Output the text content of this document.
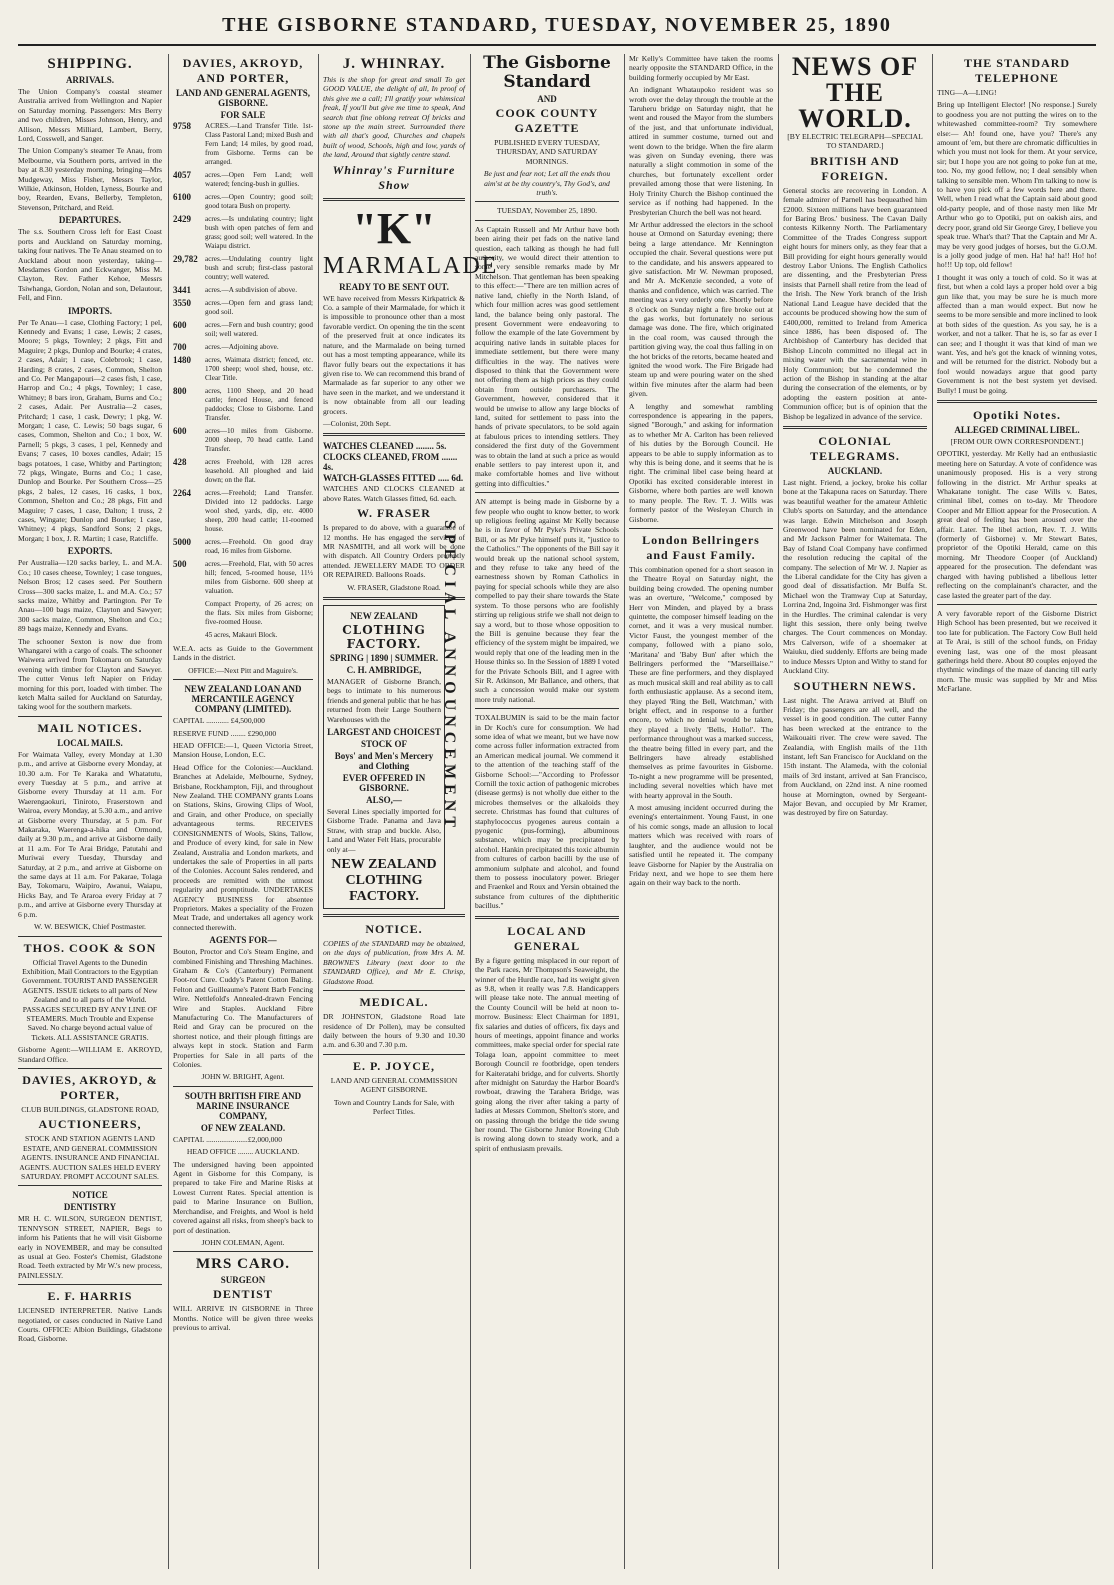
THE GISBORNE STANDARD, TUESDAY, NOVEMBER 25, 1890
SHIPPING.
ARRIVALS.

The Union Company's coastal steamer Australia arrived from Wellington and Napier on Saturday morning. Passengers: Mrs Berry and two children, Misses Johnson, Henry, and Allison, Messrs Milliard, Lambert, Berry, Lord, Cosswell, and Sanger.

The Union Company's steamer Te Anau, from Melbourne, via Southern ports, arrived in the bay at 8.30 yesterday morning, bringing—Mrs Mudgeway, Miss Fisher, Messrs Taylor, Wilkie, Atkinson, Holden, Lyness, Bourke and boy, Rearden, Evans, Bellerby, Templeton, Stevenson, Pritchard, and Reid.

DEPARTURES.

The s.s. Southern Cross left for East Coast ports and Auckland on Saturday morning, taking four natives. The Te Anau steamed on to Auckland about noon yesterday, taking—Mesdames Gordon and Eckwanger, Miss M. Clayton, Rev. Father Kehoe, Messrs Tsiwhanga, Gordon, Nolan and son, Delautour, Fell, and Finn.

IMPORTS.

Per Te Anau—1 case, Clothing Factory; 1 pel, Kennedy and Evans; 1 case, Lewis; 2 cases, Moore; 5 pkgs, Townley; 2 pkgs, Fitt and Maguire; 2 pkgs, Dunlop and Bourke; 4 crates, 2 cases, Adair; 1 case, Colebrook; 1 case, Harding; 8 crates, 2 cases, Common, Shelton and Co. Per Mangapouri—2 cases fish, 1 case, Harrop and Co.; 4 pkgs, Townley; 1 case, Whitney; 8 bars iron, Graham, Burns and Co.; 2 cases, Adair. Per Australia—2 cases, Pritchard; 1 case, 1 cask, Dewry; 1 pkg, W. Morgan; 1 case, C. Lewis; 50 bags sugar, 6 cases, Common, Shelton and Co.; 1 box, W. Parnell; 5 pkgs, 3 cases, 1 pel, Kennedy and Evans; 7 cases, 10 boxes candles, Adair; 15 bags potatoes, 1 case, Whitby and Partington; 72 pkgs, Wingate, Burns and Co.; 1 case, Dunlop and Bourke. Per Southern Cross—25 pkgs, 2 bales, 12 cases, 16 casks, 1 box, Common, Shelton and Co.; 28 pkgs, Fitt and Maguire; 7 cases, 1 case, Dalton; 1 truss, 2 cases, Wingate; Dunlop and Bourke; 1 case, Whitney; 4 pkgs, Sandford Sons; 2 pkgs, Morgan; 1 box, J. R. Martin; 1 case, Ratcliffe.

EXPORTS.

Per Australia—120 sacks barley, L. and M.A. Co.; 10 cases cheese, Townley; 1 case tongues, Nelson Bros; 12 cases seed. Per Southern Cross—300 sacks maize, L. and M.A. Co.; 57 sacks maize, Whitby and Partington. Per Te Anau—100 bags maize, Clayton and Sawyer; 300 sacks maize, Common, Shelton and Co.; 89 bags maize, Kennedy and Evans.

The schooner Sexton is now due from Whangarei with a cargo of coals. The schooner Waiwera arrived from Tokomaru on Saturday evening with timber for Clayton and Sawyer. The cutter Venus left Napier on Friday morning for this port, loaded with timber. The ketch Malta sailed for Auckland on Saturday, taking wool for the southern markets.

MAIL NOTICES.
LOCAL MAILS.

For Waimata Valley, every Monday at 1.30 p.m., and arrive at Gisborne every Monday, at 10.30 a.m. For Te Karaka and Whatatutu, every Tuesday at 5 p.m., and arrive at Gisborne every Thursday at 11 a.m. For Waerengaokuri, Tiniroto, Fraserstown and Wairoa, every Monday, at 5.30 a.m., and arrive at Gisborne every Thursday, at 5 p.m. For Makaraka, Waerenga-a-hika and Ormond, daily at 9.30 p.m., and arrive at Gisborne daily at 11 a.m. For Te Arai Bridge, Patutahi and Muriwai every Tuesday, Thursday and Saturday, at 2 p.m., and arrive at Gisborne on the same days at 11 a.m. For Pakarae, Tolaga Bay, Tokomaru, Waipiro, Awanui, Waiapu, Hicks Bay, and Te Araroa every Friday at 7 p.m., and arrive at Gisborne every Thursday at 6 p.m.

W. W. BESWICK, Chief Postmaster.

THOS. COOK & SON

Official Travel Agents to the Dunedin Exhibition, Mail Contractors to the Egyptian Government. TOURIST AND PASSENGER AGENTS. ISSUE tickets to all parts of New Zealand and to all parts of the World. PASSAGES SECURED BY ANY LINE OF STEAMERS. Much Trouble and Expense Saved. No charge beyond actual value of Tickets. ALL ASSISTANCE GRATIS.

Gisborne Agent:—WILLIAM E. AKROYD, Standard Office.

DAVIES, AKROYD, & PORTER,

CLUB BUILDINGS, GLADSTONE ROAD,

AUCTIONEERS,

STOCK AND STATION AGENTS LAND ESTATE, AND GENERAL COMMISSION AGENTS. INSURANCE AND FINANCIAL AGENTS. AUCTION SALES HELD EVERY SATURDAY. PROMPT ACCOUNT SALES.

NOTICE
DENTISTRY

MR H. C. WILSON, SURGEON DENTIST, TENNYSON STREET, NAPIER, Begs to inform his Patients that he will visit Gisborne early in NOVEMBER, and may be consulted as usual at Geo. Foster's Chemist, Gladstone Road. Teeth extracted by Mr W.'s new process, PAINLESSLY.

E. F. HARRIS

LICENSED INTERPRETER. Native Lands negotiated, or cases conducted in Native Land Courts. OFFICE: Albion Buildings, Gladstone Road, Gisborne.

DAVIES, AKROYD, AND PORTER,
LAND AND GENERAL AGENTS, GISBORNE.
FOR SALE
9758	ACRES.—Land Transfer Title. 1st-Class Pastoral Land; mixed Bush and Fern Land; 14 miles, by good road, from Gisborne. Terms can be arranged.
4057	acres.—Open Fern Land; well watered; fencing-bush in gullies.
6100	acres.—Open Country; good soil; good totara Bush on property.
2429	acres.—Is undulating country; light bush with open patches of fern and grass; good soil; well watered. In the Waiapu district.
29,782	acres.—Undulating country light bush and scrub; first-class pastoral country; well watered.
3441	acres.—A subdivision of above.
3550	acres.—Open fern and grass land; good soil.
600	acres.—Fern and bush country; good soil; well watered.
700	acres.—Adjoining above.
1480	acres, Waimata district; fenced, etc. 1700 sheep; wool shed, house, etc. Clear Title.
800	acres, 1100 Sheep, and 20 head cattle; fenced House, and fenced paddocks; Close to Gisborne. Land Transfer.
600	acres—10 miles from Gisborne. 2000 sheep, 70 head cattle. Land Transfer.
428	acres Freehold, with 128 acres leasehold. All ploughed and laid down; on the flat.
2264	acres.—Freehold; Land Transfer. Divided into 12 paddocks. Large wool shed, yards, dip, etc. 4000 sheep, 200 head cattle; 11-roomed house.
5000	acres.—Freehold. On good dray road, 16 miles from Gisborne.
500	acres.—Freehold, Flat, with 50 acres hill; fenced, 5-roomed house, 11½ miles from Gisborne. 600 sheep at valuation.
Compact Property, of 26 acres; on the flats. Six miles from Gisborne; five-roomed House.
45 acres, Makauri Block.

W.E.A. acts as Guide to the Government Lands in the district.

OFFICE:—Next Pitt and Maguire's.

NEW ZEALAND LOAN AND MERCANTILE AGENCY COMPANY (LIMITED).

CAPITAL ............ £4,500,000

RESERVE FUND ........ £290,000

HEAD OFFICE:—1, Queen Victoria Street, Mansion House, London, E.C.

Head Office for the Colonies:—Auckland. Branches at Adelaide, Melbourne, Sydney, Brisbane, Rockhampton, Fiji, and throughout New Zealand. THE COMPANY grants Loans on Stations, Skins, Growing Clips of Wool, and Grain, and other Produce, on specially advantageous terms. RECEIVES CONSIGNMENTS of Wools, Skins, Tallow, and Produce of every kind, for sale in New Zealand, Australia and London markets, and undertakes the sale of Properties in all parts of the Colonies. Account Sales rendered, and proceeds are remitted with the utmost regularity and promptitude. UNDERTAKES AGENCY BUSINESS for absentee Proprietors. Makes a speciality of the Frozen Meat Trade, and undertakes all agency work connected therewith.

AGENTS FOR—

Bouton, Proctor and Co's Steam Engine, and combined Finishing and Threshing Machines. Graham & Co's (Canterbury) Permanent Foot-rot Cure. Cuddy's Patent Cotton Baling. Felton and Guilleaume's Patent Barb Fencing Wire. Nettlefold's Annealed-drawn Fencing Wire and Staples. Auckland Fibre Manufacturing Co. The Manufacturers of Reid and Gray can be procured on the shortest notice, and their plough fittings are always kept in stock. Station and Farm Properties for Sale in all parts of the Colonies.

JOHN W. BRIGHT, Agent.

SOUTH BRITISH FIRE AND MARINE INSURANCE COMPANY,
OF NEW ZEALAND.

CAPITAL ......................£2,000,000

HEAD OFFICE ........ AUCKLAND.

The undersigned having been appointed Agent in Gisborne for this Company, is prepared to take Fire and Marine Risks at Lowest Current Rates. Special attention is paid to Marine Insurance on Bullion, Merchandise, and Freights, and Wool is held covered against all risks, from sheep's back to port of destination.

JOHN COLEMAN, Agent.

MRS CARO.
SURGEON
DENTIST

WILL ARRIVE IN GISBORNE in Three Months. Notice will be given three weeks previous to arrival.

J. WHINRAY.

This is the shop for great and small To get GOOD VALUE, the delight of all, In proof of this give me a call; I'll gratify your whimsical freak, If you'll but give me time to speak, And search that fine oblong retreat Of bricks and stone up the main street. Surrounded there with all that's good, Churches and chapels built of wood, Schools, high and low, yards of the land, Around that sightly centre stand.

Whinray's Furniture Show
"K"
MARMALADE
READY TO BE SENT OUT.

WE have received from Messrs Kirkpatrick & Co. a sample of their Marmalade, for which it is impossible to pronounce other than a most favorable verdict. On opening the tin the scent of the preserved fruit at once indicates its nature, and the Marmalade on being turned out has a most tempting appearance, while its flavor fully bears out the expectations it has given rise to. We can recommend this brand of Marmalade as far superior to any other we have seen in the market, and we understand it is now obtainable from all our leading grocers.

—Colonist, 20th Sept.

WATCHES CLEANED ........ 5s.
CLOCKS CLEANED, FROM ....... 4s.
WATCH-GLASSES FITTED ..... 6d.

WATCHES AND CLOCKS CLEANED at above Rates. Watch Glasses fitted, 6d. each.

W. FRASER

Is prepared to do above, with a guarantee of 12 months. He has engaged the services of MR NASMITH, and all work will be done with dispatch. All Country Orders promptly attended. JEWELLERY MADE TO ORDER OR REPAIRED. Balloons Roads.

W. FRASER, Gladstone Road.

NEW ZEALAND
CLOTHING FACTORY.
SPRING | 1890 | SUMMER.
C. H. AMBRIDGE,

MANAGER of Gisborne Branch, begs to intimate to his numerous friends and general public that he has returned from their Large Southern Warehouses with the

LARGEST AND CHOICEST
STOCK OF
Boys' and Men's Mercery and Clothing
EVER OFFERED IN GISBORNE.
ALSO,—

Several Lines specially imported for Gisborne Trade. Panama and Java Straw, with strap and buckle. Also, Land and Water Felt Hats, procurable only at—

NEW ZEALAND CLOTHING FACTORY.
NOTICE.

COPIES of the STANDARD may be obtained, on the days of publication, from Mrs A. M. BROWNE'S Library (next door to the STANDARD Office), and Mr E. Chrisp, Gladstone Road.

MEDICAL.

DR JOHNSTON, Gladstone Road late residence of Dr Pollen), may be consulted daily between the hours of 9.30 and 10.30 a.m. and 6.30 and 7.30 p.m.

E. P. JOYCE,

LAND AND GENERAL COMMISSION AGENT GISBORNE.

Town and Country Lands for Sale, with Perfect Titles.

SPECIAL ANNOUNCEMENT
The Gisborne Standard
AND
COOK COUNTY GAZETTE

PUBLISHED EVERY TUESDAY, THURSDAY, AND SATURDAY MORNINGS.

Be just and fear not; Let all the ends thou aim'st at be thy country's, Thy God's, and truth's.

TUESDAY, November 25, 1890.

As Captain Russell and Mr Arthur have both been airing their pet fads on the native land question, each talking as though he had full authority, we would direct their attention to some very sensible remarks made by Mr Mitchelson. That gentleman has been speaking to this effect:—"There are ten million acres of native land, chiefly in the North Island, of which four million acres was good settlement land, the balance being only pastoral. The present Government were endeavoring to follow the example of the late Government by acquiring native lands in suitable places for immediate settlement, but there were many difficulties in the way. The natives were disposed to think that the Government were not offering them as high prices as they could obtain from outside purchasers. The Government, however, considered that it would be unwise to allow any large blocks of land, suited for settlement to pass into the hands of private speculators, to be sold again at fabulous prices to intending settlers. They considered the first duty of the Government was to obtain the land at such a price as would enable settlers to pay interest upon it, and make comfortable homes and live without getting into difficulties."

AN attempt is being made in Gisborne by a few people who ought to know better, to work up religious feeling against Mr Kelly because he is in favor of Mr Pyke's Private Schools Bill, or as Mr Pyke himself puts it, "justice to the Catholics." The opponents of the Bill say it would break up the national school system, and they refuse to take any heed of the earnestness shown by Roman Catholics in paying for special schools while they are also compelled to pay their share towards the State system. To those persons who are foolishly stirring up religious strife we shall not deign to say a word, but to those whose opposition to the Bill is genuine because they fear the efficiency of the system might be impaired, we would reply that one of the leading men in the House thinks so. In the Session of 1889 I voted for the Private Schools Bill, and I agree with Sir R. Atkinson, Mr Ballance, and others, that such a concession would make our system more truly national.

TOXALBUMIN is said to be the main factor in Dr Koch's cure for consumption. We had some idea of what we meant, but we have now come across fuller information extracted from an American medical journal. We commend it to the attention of the teaching staff of the Gisborne School:—"According to Professor Cornill the toxic action of pathogenic microbes (disease germs) is not wholly due either to the microbes themselves or the alkaloids they secrete. Christmas has found that cultures of staphylococcus pyogenes aureus contain a pyogenic (pus-forming), albuminous substance, which may be precipitated by alcohol. Hankin precipitated this toxic albumin from cultures of carbon bacilli by the use of ammonium sulphate and alcohol, and found them to possess inoculatory power. Brieger and Fraenkel and Roux and Yersin obtained the substance from cultures of the diphtheritic bacillus."

LOCAL AND GENERAL

By a figure getting misplaced in our report of the Park races, Mr Thompson's Seaweight, the winner of the Hurdle race, had its weight given as 9.8, when it really was 7.8. Handicappers will please take note. The annual meeting of the County Council will be held at noon to-morrow. Business: Elect Chairman for 1891, fix salaries and duties of officers, fix days and hours of meetings, appoint finance and works committees, make special order for special rate Tolaga loan, appoint committee to meet Borough Council re footbridge, open tenders for Kaiteratahi bridge, and for culverts. Shortly after midnight on Saturday the Harbor Board's rowboat, drawing the Tarahera Bridge, was going along the river after taking a party of ladies at Messrs Common, Shelton's store, and on passing through the bridge the tide swung her round. The Gisborne Junior Rowing Club is rowing along down to steady work, and a spirit of enthusiasm prevails.

Mr Kelly's Committee have taken the rooms nearly opposite the STANDARD Office, in the building formerly occupied by Mr East.

An indignant Whataupoko resident was so wroth over the delay through the trouble at the Taruheru bridge on Saturday night, that he went and roused the Mayor from the slumbers of the just, and that unfortunate individual, attired in summer costume, turned out and went down to the bridge. When the fire alarm was given on Sunday evening, there was naturally a slight commotion in some of the churches, but fortunately excellent order prevailed among those that were listening. In Holy Trinity Church the Bishop continued the service as if nothing had happened. In the Presbyterian Church the bell was not heard.

Mr Arthur addressed the electors in the school house at Ormond on Saturday evening; there being a large attendance. Mr Kennington occupied the chair. Several questions were put to the candidate, and his answers appeared to give satisfaction. Mr W. Newman proposed, and Mr A. McKenzie seconded, a vote of thanks and confidence, which was carried. The meeting was a very orderly one. Shortly before 8 o'clock on Sunday night a fire broke out at the gas works, but fortunately no serious damage was done. The fire, which originated in the coal room, was caused through the partition giving way, the coal thus falling in on the hot bricks of the retorts, became heated and ignited the wood work. The Fire Brigade had steam up and were pouring water on the shed within five minutes after the alarm had been given.

A lengthy and somewhat rambling correspondence is appearing in the papers, signed "Borough," and asking for information as to whether Mr A. Carlton has been relieved of his duties by the Borough Council. He appears to be able to supply information as to why this is being done, and it seems that he is right. The criminal libel case being heard at Opotiki has excited considerable interest in Gisborne, where both parties are well known to many people. The Rev. T. J. Wills was formerly pastor of the Wesleyan Church in Gisborne.

London Bellringers and Faust Family.

This combination opened for a short season in the Theatre Royal on Saturday night, the building being crowded. The opening number was an overture, "Welcome," composed by Herr von Minden, and played by a brass quintette, the composer himself leading on the cornet, and it was a very musical number. Victor Faust, the youngest member of the company, followed with a piano solo, 'Maritana' and 'Baby Bun' after which the Bellringers performed the "Marseillaise." These are fine performers, and they displayed as much musical skill and real ability as to call forth enthusiastic applause. As a second item, they played 'Ring the Bell, Watchman,' with bright effect, and in response to a further encore, to which no denial would be taken, they played a lively 'Bells, Hollo!'. The performance throughout was a marked success, the theatre being filled in every part, and the Bellringers have already established themselves as prime favourites in Gisborne. To-night a new programme will be presented, including several novelties which have met with hearty approval in the South.

A most amusing incident occurred during the evening's entertainment. Young Faust, in one of his comic songs, made an allusion to local matters which was received with roars of laughter, and the audience would not be satisfied until he repeated it. The company leave Gisborne for Napier by the Australia on Friday next, and we hope to see them here again on their way back to the north.

NEWS OF THE WORLD.

[BY ELECTRIC TELEGRAPH—SPECIAL TO STANDARD.]

BRITISH AND FOREIGN.

General stocks are recovering in London. A female admirer of Parnell has bequeathed him £2000. Sixteen millions have been guaranteed for Baring Bros.' business. The Cavan Daily contests Kilkenny North. The Parliamentary Committee of the Trades Congress support eight hours for miners only, as they fear that a Bill providing for eight hours generally would destroy Labor Unions. The English Catholics are dissenting, and the Presbyterian Press insists that Parnell shall retire from the lead of the Irish. The New York branch of the Irish National Land League have decided that the accounts be produced showing how the sum of £400,000, remitted to Ireland from America since 1886, has been disposed of. The Archbishop of Canterbury has decided that Bishop Lincoln committed no illegal act in mixing water with the sacramental wine in Holy Communion; but he condemned the action of the Bishop in standing at the altar during the consecration of the elements, or by adopting the eastern position at ante-Communion office; but is of opinion that the Bishop be legalized in advance of the service.

COLONIAL TELEGRAMS.
AUCKLAND.

Last night. Friend, a jockey, broke his collar bone at the Takapuna races on Saturday. There was beautiful weather for the amateur Athletic Club's sports on Saturday, and the attendance was large. Edwin Mitchelson and Joseph Greenwood have been nominated for Eden, and Mr Jackson Palmer for Waitemata. The Bay of Island Coal Company have confirmed the resolution reducing the capital of the company. The selection of Mr W. J. Napier as the Liberal candidate for the City has given a good deal of dissatisfaction. Mr Bulfa St. Michael won the Tramway Cup at Saturday, Lorrina 2nd, Ingoina 3rd. Fishmonger was first in the Hurdles. The criminal calendar is very light this session, there only being twelve charges. The Court commences on Monday. Mrs Calverson, wife of a shoemaker at Waiuku, died suddenly. Efforts are being made to induce Messrs Upton and Withy to stand for Auckland City.

SOUTHERN NEWS.

Last night. The Arawa arrived at Bluff on Friday; the passengers are all well, and the vessel is in good condition. The cutter Fanny has been wrecked at the entrance to the Waikouaiti river. The crew were saved. The Zealandia, with English mails of the 11th instant, left San Francisco for Auckland on the 15th instant. The Alameda, with the colonial mails of 3rd instant, arrived at San Francisco, from Auckland, on 22nd inst. A nine roomed house at Mornington, owned by Sergeant-Major Bevan, and occupied by Mr Kramer, was destroyed by fire on Saturday.

THE STANDARD TELEPHONE

TING—A—LING!

Bring up Intelligent Elector! [No response.] Surely to goodness you are not putting the wires on to the whitewashed committee-room? Try somewhere else:— Ah! found one, have you? There's any amount of 'em, but there are chromatic difficulties in which you must not look for them. At your service, sir; but I hope you are not going to poke fun at me, too. No, my good fellow, no; I deal sensibly when talking to sensible men. Whom I'm talking to now is to have you pick off a few words here and there. Well, when I read what the Captain said about good old-party people, and of those nasty men like Mr Arthur who go to Opotiki, put on oakish airs, and decry poor, grand old Sir George Grey, I believe you speak true. What's that? That the Captain and Mr A. may be very good judges of horses, but the G.O.M. is a jolly good judge of men. Ha! ha! ha!! Ho! ho! ho!!! Up top, old fellow!

I thought it was only a touch of cold. So it was at first, but when a cold lays a proper hold over a big gun like that, you may be sure he is much more affected than a man would expect. But now he seems to be more sensible and more inclined to look at both sides of the question. As you say, he is a worker, and not a talker. That he is, so far as ever I can see; and I thought it was that kind of man we want. Yes, and he's got the knack of winning votes, and will be returned for the district. Nobody but a fool would nowadays argue that good party Government is not the best system yet devised. Bully! I must be going.

Opotiki Notes.
ALLEGED CRIMINAL LIBEL.

[FROM OUR OWN CORRESPONDENT.]

OPOTIKI, yesterday. Mr Kelly had an enthusiastic meeting here on Saturday. A vote of confidence was unanimously proposed. His is a very strong following in the district. Mr Arthur speaks at Whakatane tonight. The case Wills v. Bates, criminal libel, comes on to-day. Mr Theodore Cooper and Mr Elliott appear for the Prosecution. A great deal of feeling has been aroused over the affair. Later. The libel action, Rev. T. J. Wills (formerly of Gisborne) v. Mr Stewart Bates, proprietor of the Opotiki Herald, came on this morning. Mr Theodore Cooper (of Auckland) appeared for the prosecution. The defendant was charged with having published a libellous letter reflecting on the complainant's character, and the case lasted the greater part of the day.

A very favorable report of the Gisborne District High School has been presented, but we received it too late for publication. The Factory Cow Bull held at Te Arai, is still of the school funds, on Friday evening last, was one of the most pleasant gatherings held there. About 80 couples enjoyed the rhythmic windings of the maze of dancing till early morn. The music was supplied by Mr and Miss McFarlane.
